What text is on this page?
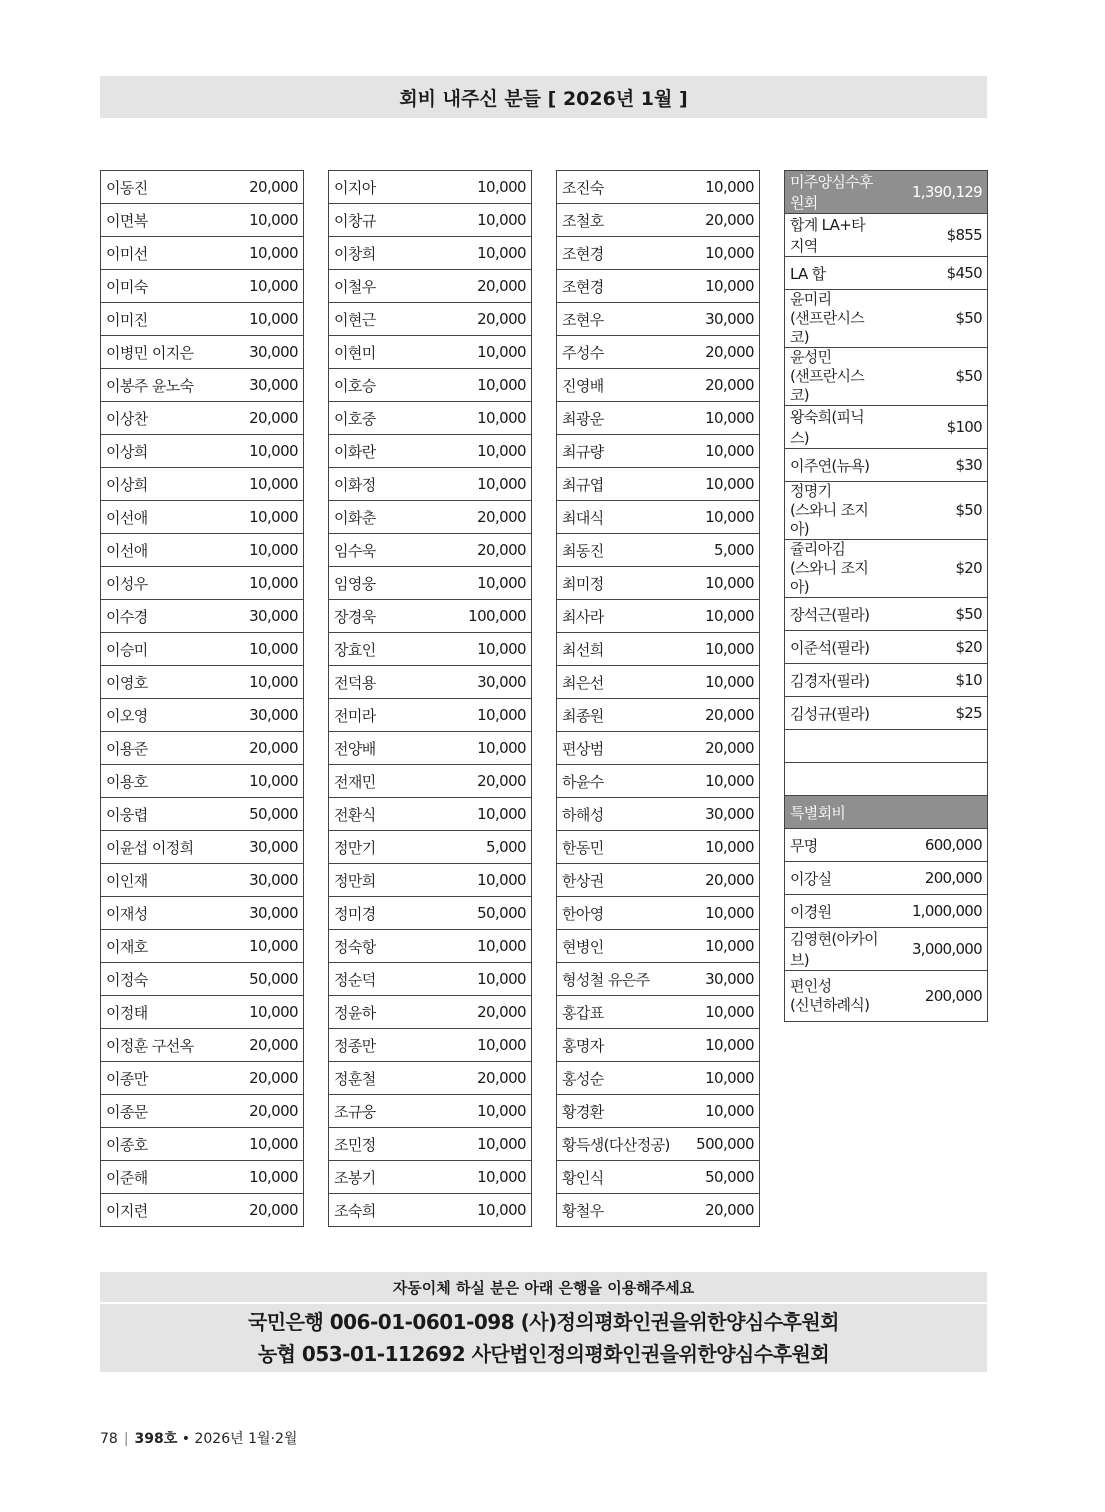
회비 내주신 분들 [ 2026년 1월 ]
이동진	20,000
이면복	10,000
이미선	10,000
이미숙	10,000
이미진	10,000
이병민 이지은	30,000
이봉주 윤노숙	30,000
이상찬	20,000
이상희	10,000
이상희	10,000
이선애	10,000
이선애	10,000
이성우	10,000
이수경	30,000
이승미	10,000
이영호	10,000
이오영	30,000
이용준	20,000
이용호	10,000
이웅렵	50,000
이윤섭 이정희	30,000
이인재	30,000
이재성	30,000
이재호	10,000
이정숙	50,000
이정태	10,000
이정훈 구선옥	20,000
이종만	20,000
이종문	20,000
이종호	10,000
이준해	10,000
이지련	20,000
이지아	10,000
이창규	10,000
이창희	10,000
이철우	20,000
이현근	20,000
이현미	10,000
이호승	10,000
이호중	10,000
이화란	10,000
이화정	10,000
이화춘	20,000
임수욱	20,000
임영웅	10,000
장경욱	100,000
장효인	10,000
전덕용	30,000
전미라	10,000
전양배	10,000
전재민	20,000
전환식	10,000
정만기	5,000
정만희	10,000
정미경	50,000
정숙항	10,000
정순덕	10,000
정윤하	20,000
정종만	10,000
정훈철	20,000
조규웅	10,000
조민정	10,000
조봉기	10,000
조숙희	10,000
조진숙	10,000
조철호	20,000
조현경	10,000
조현경	10,000
조현우	30,000
주성수	20,000
진영배	20,000
최광운	10,000
최규량	10,000
최규엽	10,000
최대식	10,000
최동진	5,000
최미정	10,000
최사라	10,000
최선희	10,000
최은선	10,000
최종원	20,000
편상범	20,000
하윤수	10,000
하해성	30,000
한동민	10,000
한상권	20,000
한아영	10,000
현병인	10,000
형성철 유은주	30,000
홍갑표	10,000
홍명자	10,000
홍성순	10,000
황경환	10,000
황득생(다산정공)	500,000
황인식	50,000
황철우	20,000
미주양심수후원회	1,390,129
합계 LA+타 지역	$855
LA 합	$450
윤미리
(샌프란시스코)	$50
윤성민
(샌프란시스코)	$50
왕숙희(피닉스)	$100
이주연(뉴욕)	$30
정명기
(스와니 조지아)	$50
쥴리아김
(스와니 조지아)	$20
장석근(필라)	$50
이준석(필라)	$20
김경자(필라)	$10
김성규(필라)	$25

특별회비	
무명	600,000
이강실	200,000
이경원	1,000,000
김영현(아카이브)	3,000,000
편인성
(신년하례식)	200,000
자동이체 하실 분은 아래 은행을 이용해주세요
국민은행 006-01-0601-098 (사)정의평화인권을위한양심수후원회
농협 053-01-112692 사단법인정의평화인권을위한양심수후원회
78 | 398호 • 2026년 1월·2월
